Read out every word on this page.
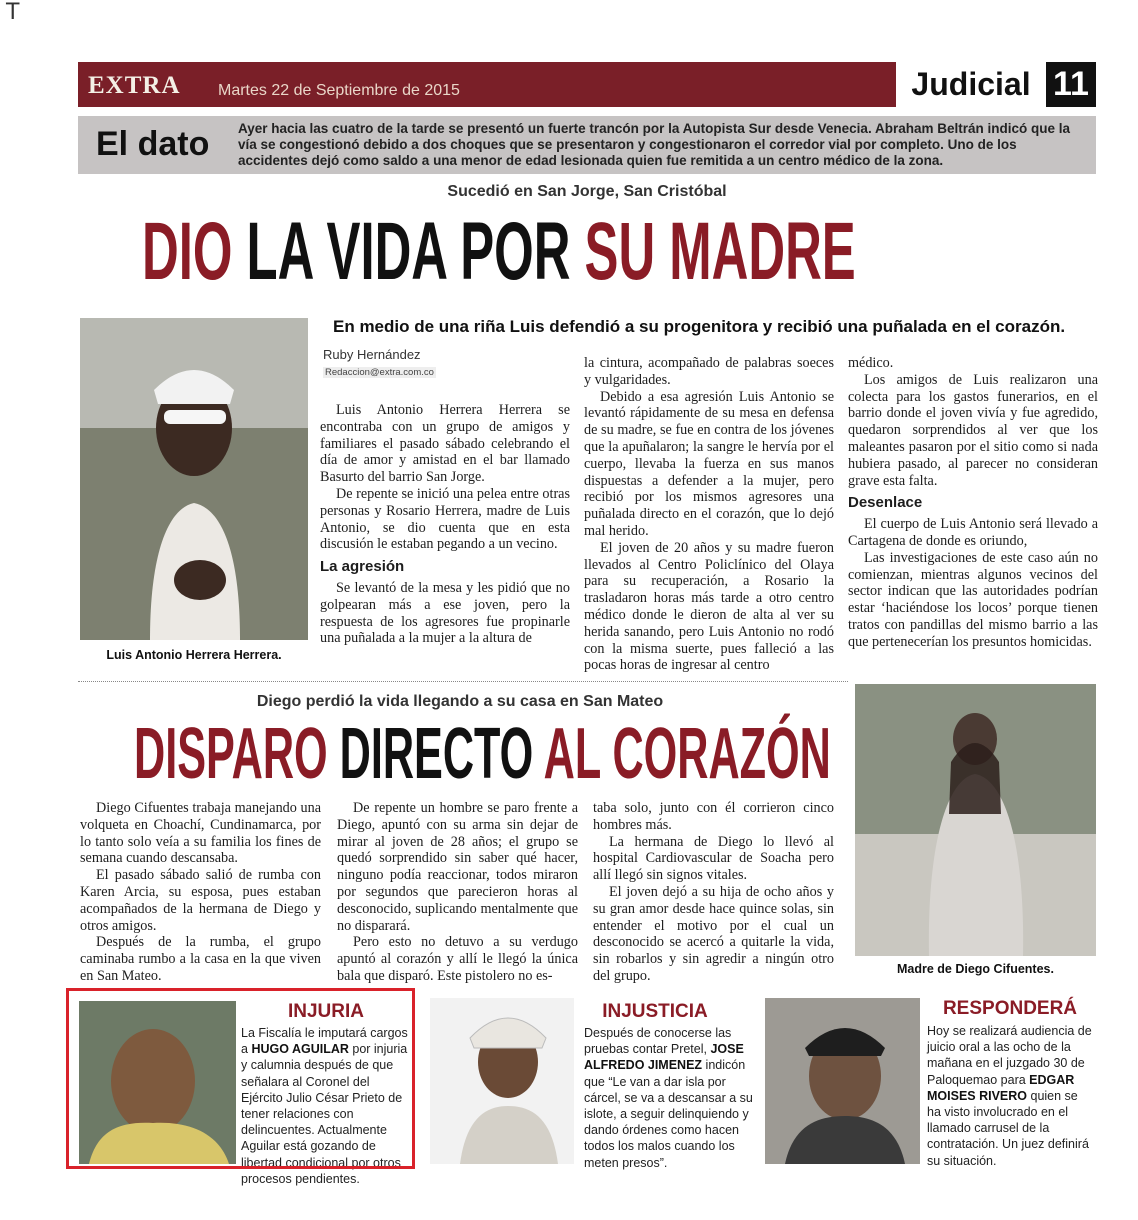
T
EXTRA Martes 22 de Septiembre de 2015	Judicial 11
El dato Ayer hacia las cuatro de la tarde se presentó un fuerte trancón por la Autopista Sur desde Venecia. Abraham Beltrán indicó que la vía se congestionó debido a dos choques que se presentaron y congestionaron el corredor vial por completo. Uno de los accidentes dejó como saldo a una menor de edad lesionada quien fue remitida a un centro médico de la zona.
Sucedió en San Jorge, San Cristóbal
DIO LA VIDA POR SU MADRE
En medio de una riña Luis defendió a su progenitora y recibió una puñalada en el corazón.
Luis Antonio Herrera Herrera.
Ruby Hernández
Redaccion@extra.com.co

Luis Antonio Herrera Herrera se encontraba con un grupo de amigos y familiares el pasado sábado celebrando el día de amor y amistad en el bar llamado Basurto del barrio San Jorge.

De repente se inició una pelea entre otras personas y Rosario Herrera, madre de Luis Antonio, se dio cuenta que en esta discusión le estaban pegando a un vecino.

La agresión

Se levantó de la mesa y les pidió que no golpearan más a ese joven, pero la respuesta de los agresores fue propinarle una puñalada a la mujer a la altura de

la cintura, acompañado de palabras soeces y vulgaridades.

Debido a esa agresión Luis Antonio se levantó rápidamente de su mesa en defensa de su madre, se fue en contra de los jóvenes que la apuñalaron; la sangre le hervía por el cuerpo, llevaba la fuerza en sus manos dispuestas a defender a la mujer, pero recibió por los mismos agresores una puñalada directo en el corazón, que lo dejó mal herido.

El joven de 20 años y su madre fueron llevados al Centro Policlínico del Olaya para su recuperación, a Rosario la trasladaron horas más tarde a otro centro médico donde le dieron de alta al ver su herida sanando, pero Luis Antonio no rodó con la misma suerte, pues falleció a las pocas horas de ingresar al centro

médico.

Los amigos de Luis realizaron una colecta para los gastos funerarios, en el barrio donde el joven vivía y fue agredido, quedaron sorprendidos al ver que los maleantes pasaron por el sitio como si nada hubiera pasado, al parecer no consideran grave esta falta.

Desenlace

El cuerpo de Luis Antonio será llevado a Cartagena de donde es oriundo,

Las investigaciones de este caso aún no comienzan, mientras algunos vecinos del sector indican que las autoridades podrían estar ‘haciéndose los locos’ porque tienen tratos con pandillas del mismo barrio a las que pertenecerían los presuntos homicidas.

Diego perdió la vida llegando a su casa en San Mateo
DISPARO DIRECTO AL CORAZÓN

Diego Cifuentes trabaja manejando una volqueta en Choachí, Cundinamarca, por lo tanto solo veía a su familia los fines de semana cuando descansaba.

El pasado sábado salió de rumba con Karen Arcia, su esposa, pues estaban acompañados de la hermana de Diego y otros amigos.

Después de la rumba, el grupo caminaba rumbo a la casa en la que viven en San Mateo.

De repente un hombre se paro frente a Diego, apuntó con su arma sin dejar de mirar al joven de 28 años; el grupo se quedó sorprendido sin saber qué hacer, ninguno podía reaccionar, todos miraron por segundos que parecieron horas al desconocido, suplicando mentalmente que no disparará.

Pero esto no detuvo a su verdugo apuntó al corazón y allí le llegó la única bala que disparó. Este pistolero no es-

taba solo, junto con él corrieron cinco hombres más.

La hermana de Diego lo llevó al hospital Cardiovascular de Soacha pero allí llegó sin signos vitales.

El joven dejó a su hija de ocho años y su gran amor desde hace quince solas, sin entender el motivo por el cual un desconocido se acercó a quitarle la vida, sin robarlos y sin agredir a ningún otro del grupo.	Madre de Diego Cifuentes.
INJURIA
La Fiscalía le imputará cargos a HUGO AGUILAR por injuria y calumnia después de que señalara al Coronel del Ejército Julio César Prieto de tener relaciones con delincuentes. Actualmente Aguilar está gozando de libertad condicional por otros procesos pendientes.
INJUSTICIA
Después de conocerse las pruebas contar Pretel, JOSE ALFREDO JIMENEZ indicón que “Le van a dar isla por cárcel, se va a descansar a su islote, a seguir delinquiendo y dando órdenes como hacen todos los malos cuando los meten presos”.
RESPONDERÁ
Hoy se realizará audiencia de juicio oral a las ocho de la mañana en el juzgado 30 de Paloquemao para EDGAR MOISES RIVERO quien se ha visto involucrado en el llamado carrusel de la contratación. Un juez definirá su situación.
